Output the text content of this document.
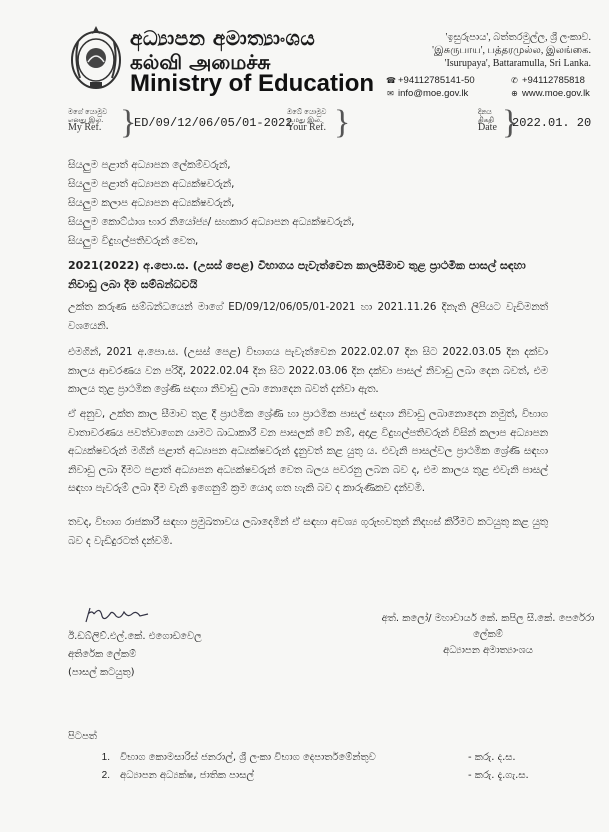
අධ්‍යාපන අමාත්‍යාංශය
கல்வி அமைச்சு
Ministry of Education
'ඉසුරුපාය', බත්තරමුල්ල, ශ්‍රී ලංකාව.
'இசுருபாய', பத்தரமுல்ல, இலங்கை.
'Isurupaya', Battaramulla, Sri Lanka.
☎ +94112785141-50	✆ +94112785818
✉ info@moe.gov.lk	⊕ www.moe.gov.lk
මගේ යොමුව
எனது இல.
My Ref. }
ED/09/12/06/05/01-2022
ඔබේ යොමුව
உமது இல.
Your Ref. }	දිනය
திகதி
Date }
2022.01. 20
සියලුම පළාත් අධ්‍යාපන ලේකම්වරුන්,
සියලුම පළාත් අධ්‍යාපන අධ්‍යක්ෂවරුන්,
සියලුම කලාප අධ්‍යාපන අධ්‍යක්ෂවරුන්,
සියලුම කොට්ඨාශ භාර නියෝජ්‍ය/ සහකාර අධ්‍යාපන අධ්‍යක්ෂවරුන්,
සියලුම විදුහල්පතිවරුන් වෙත,
2021(2022) අ.පො.ස. (උසස් පෙළ) විභාගය පැවැත්වෙන කාලසීමාව තුළ ප්‍රාථමික පාසල් සඳහා නිවාඩු ලබා දීම සම්බන්ධවයි
උක්ත කරුණ සම්බන්ධයෙන් මාගේ ED/09/12/06/05/01-2021 හා 2021.11.26 දිනැති ලිපියට වැඩිමනත් වශයෙනි.
එමගින්, 2021 අ.පො.ස. (උසස් පෙළ) විභාගය පැවැත්වෙන 2022.02.07 දින සිට 2022.03.05 දින දක්වා කාලය ආවරණය වන පරිදි, 2022.02.04 දින සිට 2022.03.06 දින දක්වා පාසල් නිවාඩු ලබා දෙන බවත්, එම කාලය තුළ ප්‍රාථමික ශ්‍රේණි සඳහා නිවාඩු ලබා නොදෙන බවත් දන්වා ඇත.
ඒ අනුව, උක්ත කාල සීමාව තුළ දී ප්‍රාථමික ශ්‍රේණි හා ප්‍රාථමික පාසල් සඳහා නිවාඩු ලබානොදෙන නමුත්, විභාග වාතාවරණය පවත්වාගෙන යාමට බාධාකාරී වන පාසලක් වේ නම්, අදාළ විදුහල්පතිවරුන් විසින් කලාප අධ්‍යාපන අධ්‍යක්ෂවරුන් මගින් පළාත් අධ්‍යාපන අධ්‍යක්ෂවරුන් දැනුවත් කළ යුතු ය. එවැනි පාසල්වල ප්‍රාථමික ශ්‍රේණි සඳහා නිවාඩු ලබා දීමට පළාත් අධ්‍යාපන අධ්‍යක්ෂවරුන් වෙත බලය පවරනු ලබන බව ද, එම කාලය තුළ එවැනි පාසල් සඳහා පැවරුම් ලබා දීම වැනි ඉගෙනුම් ක්‍රම යොදා ගත හැකි බව ද කාරුණිකව දන්වමි.
තවද, විභාග රාජකාරී සඳහා ප්‍රමුඛතාවය ලබාදෙමින් ඒ සඳහා අවශ්‍ය ගුරුභවතුන් නිදහස් කිරීමට කටයුතු කළ යුතු බව ද වැඩිදුරටත් දන්වමි.
ඊ.ඩබ්ලිව්.එල්.කේ. එගොඩවෙල
අතිරේක ලේකම්
(පාසල් කටයුතු)
අත්. කලෝ/ මහාචාර්ය කේ. කපිල සී.කේ. පෙරේරා
ලේකම්
අධ්‍යාපන අමාත්‍යාංශය
පිටපත්
1.	විභාග කොමසාරිස් ජනරාල්, ශ්‍රී ලංකා විභාග දෙපාර්තමේන්තුව	- කරු. ද.ස.
2.	අධ්‍යාපන අධ්‍යක්ෂ, ජාතික පාසල්	- කරු. දැ.ගැ.ස.
